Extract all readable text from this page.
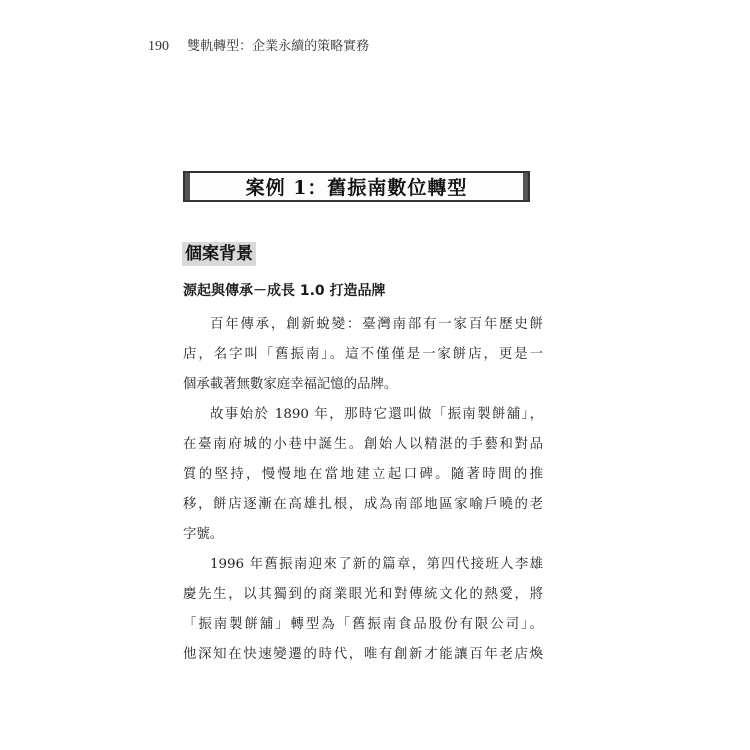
190 雙軌轉型：企業永續的策略實務
案例 1：舊振南數位轉型
個案背景
源起與傳承－成長 1.0 打造品牌
百年傳承，創新蛻變：臺灣南部有一家百年歷史餅
店，名字叫「舊振南」。這不僅僅是一家餅店，更是一
個承載著無數家庭幸福記憶的品牌。
故事始於 1890 年，那時它還叫做「振南製餅舖」，
在臺南府城的小巷中誕生。創始人以精湛的手藝和對品
質的堅持，慢慢地在當地建立起口碑。隨著時間的推
移，餅店逐漸在高雄扎根，成為南部地區家喻戶曉的老
字號。
1996 年舊振南迎來了新的篇章，第四代接班人李雄
慶先生，以其獨到的商業眼光和對傳統文化的熱愛，將
「振南製餅舖」轉型為「舊振南食品股份有限公司」。
他深知在快速變遷的時代，唯有創新才能讓百年老店煥
